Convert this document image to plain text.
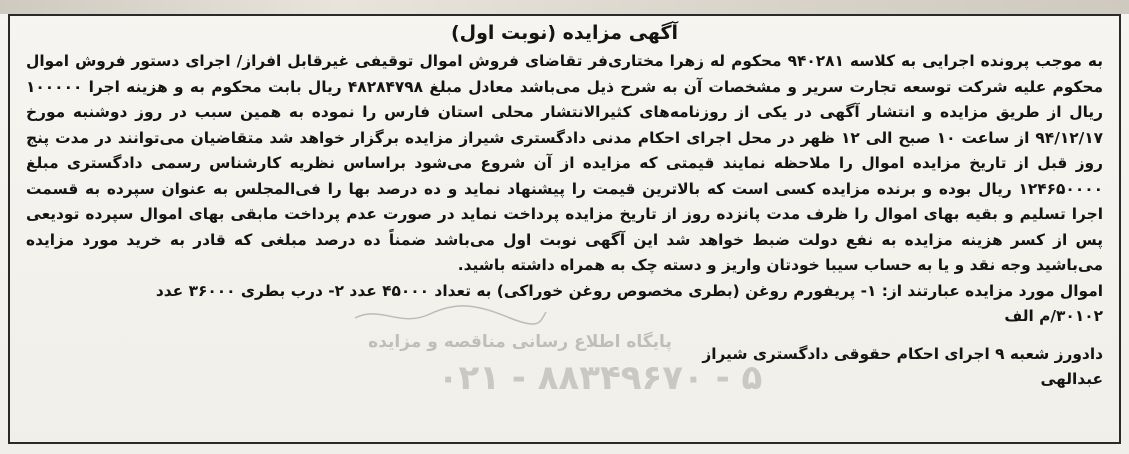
آگهی مزایده (نوبت اول)

به موجب پرونده اجرایی به کلاسه ۹۴۰۲۸۱ محکوم له زهرا مختاری‌فر تقاضای فروش اموال توقیفی غیرقابل افراز/ اجرای دستور فروش اموال محکوم علیه شرکت توسعه تجارت سریر و مشخصات آن به شرح ذیل می‌باشد معادل مبلغ ۴۸۲۸۴۷۹۸ ریال بابت محکوم به و هزینه اجرا ۱۰۰۰۰۰ ریال از طریق مزایده و انتشار آگهی در یکی از روزنامه‌های کثیرالانتشار محلی استان فارس را نموده به همین سبب در روز دوشنبه مورخ ۹۴/۱۲/۱۷ از ساعت ۱۰ صبح الی ۱۲ ظهر در محل اجرای احکام مدنی دادگستری شیراز مزایده برگزار خواهد شد متقاضیان می‌توانند در مدت پنج روز قبل از تاریخ مزایده اموال را ملاحظه نمایند قیمتی که مزایده از آن شروع می‌شود براساس نظریه کارشناس رسمی دادگستری مبلغ ۱۲۴۶۵۰۰۰۰ ریال بوده و برنده مزایده کسی است که بالاترین قیمت را پیشنهاد نماید و ده درصد بها را فی‌المجلس به عنوان سپرده به قسمت اجرا تسلیم و بقیه بهای اموال را ظرف مدت پانزده روز از تاریخ مزایده پرداخت نماید در صورت عدم پرداخت مابقی بهای اموال سپرده تودیعی پس از کسر هزینه مزایده به نفع دولت ضبط خواهد شد این آگهی نوبت اول می‌باشد ضمناً ده درصد مبلغی که قادر به خرید مورد مزایده می‌باشید وجه نقد و یا به حساب سیبا خودتان واریز و دسته چک به همراه داشته باشید.

اموال مورد مزایده عبارتند از: ۱- پریفورم روغن (بطری مخصوص روغن خوراکی) به تعداد ۴۵۰۰۰ عدد ۲- درب بطری ۳۶۰۰۰ عدد

۳۰۱۰۲/م الف

دادورز شعبه ۹ اجرای احکام حقوقی دادگستری شیراز

عبدالهی

پایگاه اطلاع رسانی مناقصه و مزایده
۰۲۱ - ۸۸۳۴۹۶۷۰ - ۵
